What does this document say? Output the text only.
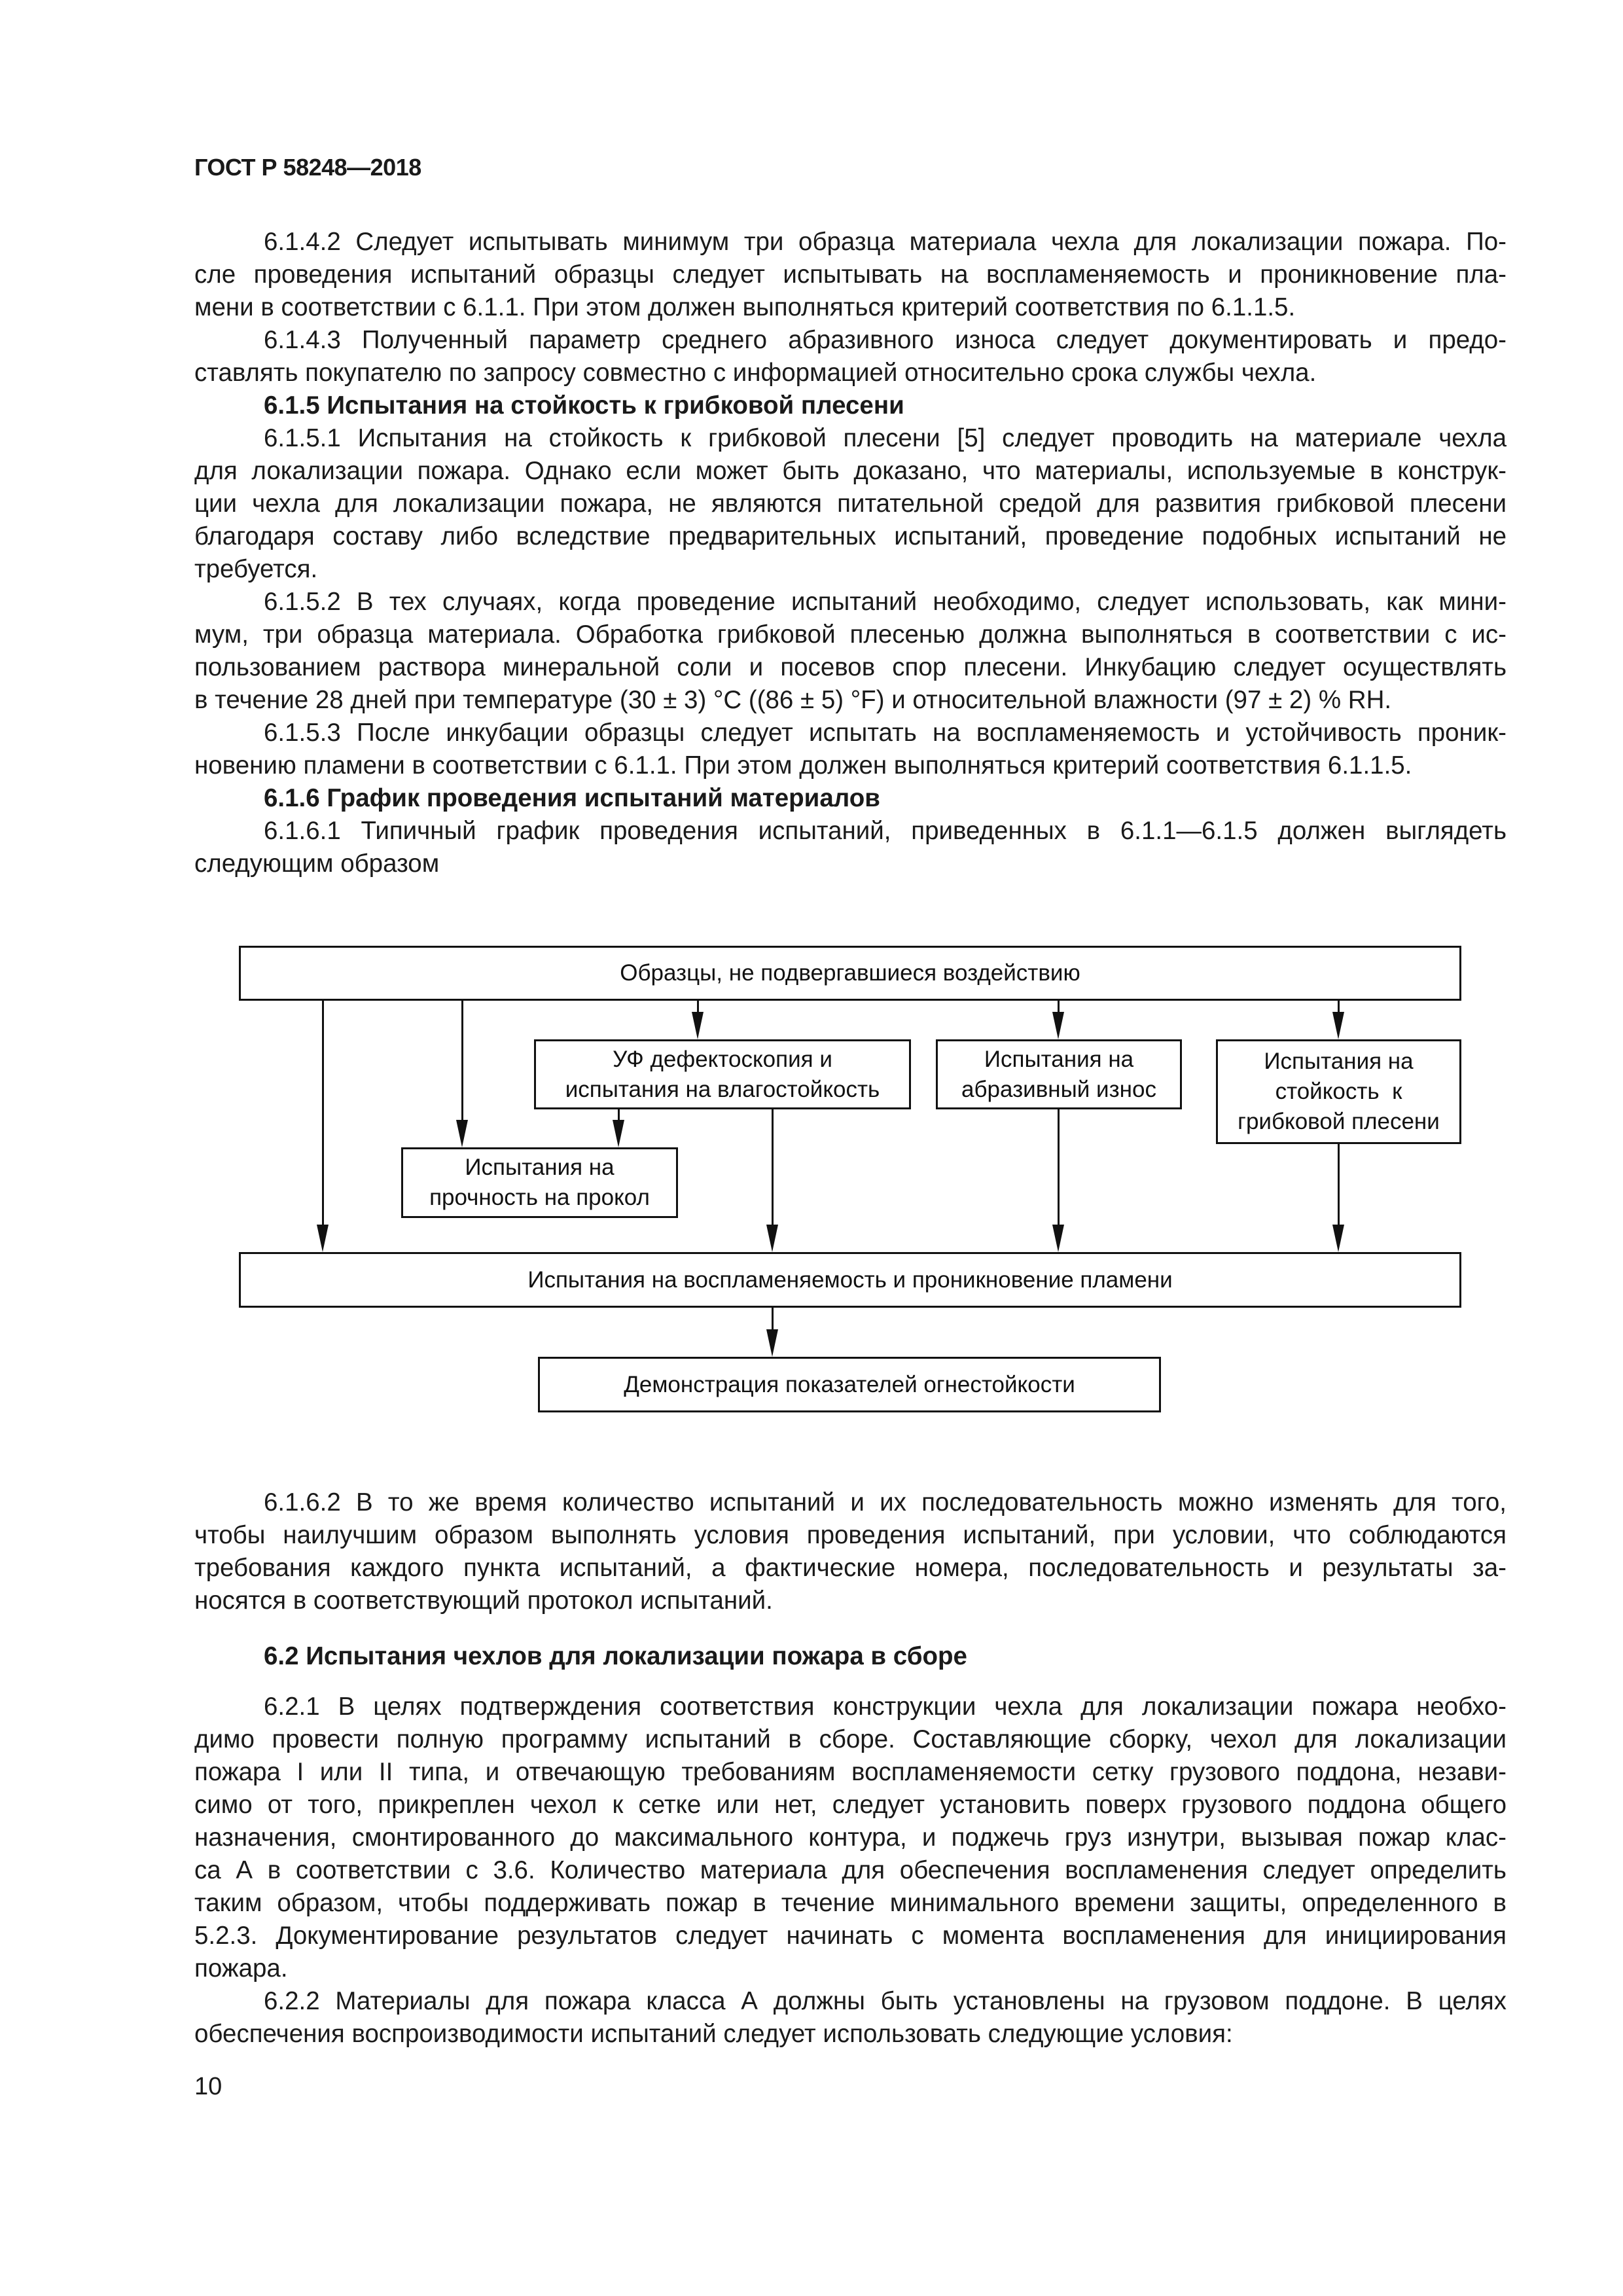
ГОСТ Р 58248—2018
6.1.4.2 Следует испытывать минимум три образца материала чехла для локализации пожара. По-
сле проведения испытаний образцы следует испытывать на воспламеняемость и проникновение пла-
мени в соответствии с 6.1.1. При этом должен выполняться критерий соответствия по 6.1.1.5.
6.1.4.3 Полученный параметр среднего абразивного износа следует документировать и предо-
ставлять покупателю по запросу совместно с информацией относительно срока службы чехла.
6.1.5 Испытания на стойкость к грибковой плесени
6.1.5.1 Испытания на стойкость к грибковой плесени [5] следует проводить на материале чехла
для локализации пожара. Однако если может быть доказано, что материалы, используемые в конструк-
ции чехла для локализации пожара, не являются питательной средой для развития грибковой плесени
благодаря составу либо вследствие предварительных испытаний, проведение подобных испытаний не
требуется.
6.1.5.2 В тех случаях, когда проведение испытаний необходимо, следует использовать, как мини-
мум, три образца материала. Обработка грибковой плесенью должна выполняться в соответствии с ис-
пользованием раствора минеральной соли и посевов спор плесени. Инкубацию следует осуществлять
в течение 28 дней при температуре (30 ± 3) °С ((86 ± 5) °F) и относительной влажности (97 ± 2) % RH.
6.1.5.3 После инкубации образцы следует испытать на воспламеняемость и устойчивость проник-
новению пламени в соответствии с 6.1.1. При этом должен выполняться критерий соответствия 6.1.1.5.
6.1.6 График проведения испытаний материалов
6.1.6.1 Типичный график проведения испытаний, приведенных в 6.1.1—6.1.5 должен выглядеть
следующим образом
Образцы, не подвергавшиеся воздействию
УФ дефектоскопия и
испытания на влагостойкость
Испытания на
абразивный износ
Испытания на
стойкость  к
грибковой плесени
Испытания на
прочность на прокол
Испытания на воспламеняемость и проникновение пламени
Демонстрация показателей огнестойкости
6.1.6.2 В то же время количество испытаний и их последовательность можно изменять для того,
чтобы наилучшим образом выполнять условия проведения испытаний, при условии, что соблюдаются
требования каждого пункта испытаний, а фактические номера, последовательность и результаты за-
носятся в соответствующий протокол испытаний.
6.2 Испытания чехлов для локализации пожара в сборе
6.2.1 В целях подтверждения соответствия конструкции чехла для локализации пожара необхо-
димо провести полную программу испытаний в сборе. Составляющие сборку, чехол для локализации
пожара I или II типа, и отвечающую требованиям воспламеняемости сетку грузового поддона, незави-
симо от того, прикреплен чехол к сетке или нет, следует установить поверх грузового поддона общего
назначения, смонтированного до максимального контура, и поджечь груз изнутри, вызывая пожар клас-
са А в соответствии с 3.6. Количество материала для обеспечения воспламенения следует определить
таким образом, чтобы поддерживать пожар в течение минимального времени защиты, определенного в
5.2.3. Документирование результатов следует начинать с момента воспламенения для инициирования
пожара.
6.2.2 Материалы для пожара класса А должны быть установлены на грузовом поддоне. В целях
обеспечения воспроизводимости испытаний следует использовать следующие условия:
10
